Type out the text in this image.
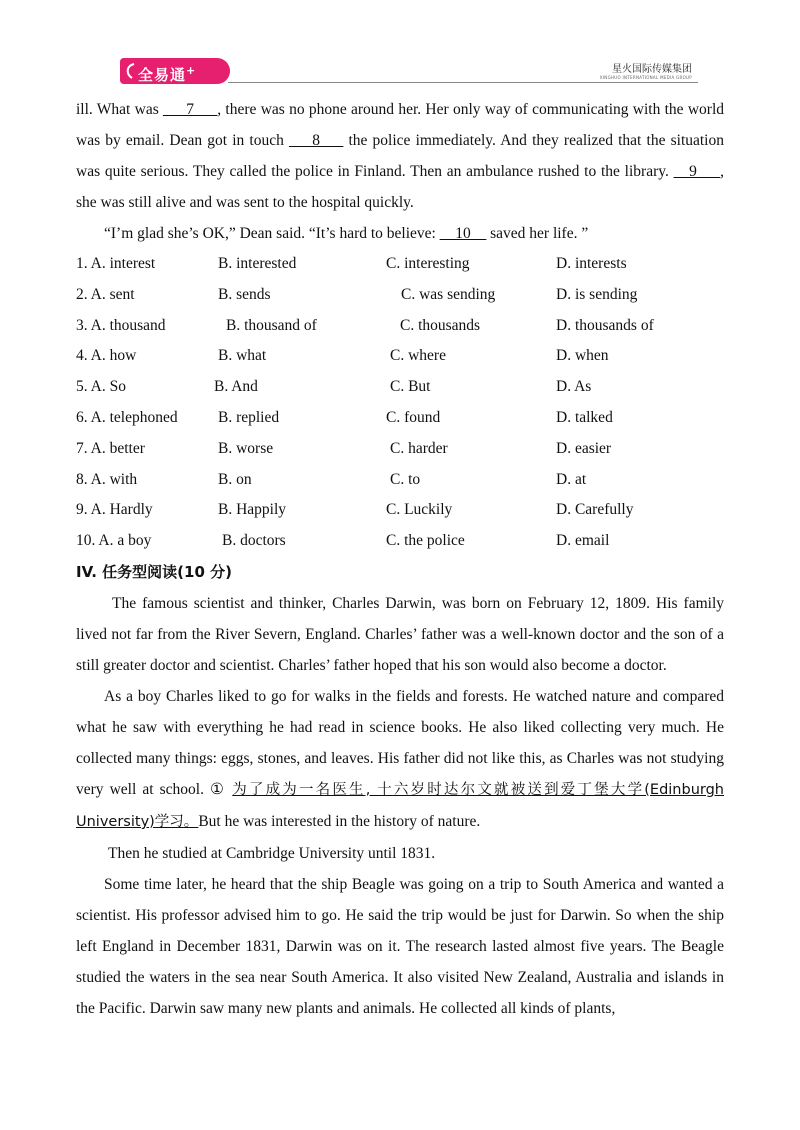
全易通+	星火国际传媒集团
XINGHUO INTERNATIONAL MEDIA GROUP

ill. What was ___7___, there was no phone around her. Her only way of communicating with the world was by email. Dean got in touch ___8___ the police immediately. And they realized that the situation was quite serious. They called the police in Finland. Then an ambulance rushed to the library. __9___, she was still alive and was sent to the hospital quickly.

“I’m glad she’s OK,” Dean said. “It’s hard to believe: __10__ saved her life. ”

1. A. interest	B. interested	C. interesting	D. interests
2. A. sent	B. sends	C. was sending	D. is sending
3. A. thousand	B. thousand of	C. thousands	D. thousands of
4. A. how	B. what	C. where	D. when
5. A. So	B. And	C. But	D. As
6. A. telephoned	B. replied	C. found	D. talked
7. A. better	B. worse	C. harder	D. easier
8. A. with	B. on	C. to	D. at
9. A. Hardly	B. Happily	C. Luckily	D. Carefully
10. A. a boy	B. doctors	C. the police	D. email

IV. 任务型阅读(10 分)

The famous scientist and thinker, Charles Darwin, was born on February 12, 1809. His family lived not far from the River Severn, England. Charles’ father was a well-known doctor and the son of a still greater doctor and scientist. Charles’ father hoped that his son would also become a doctor.

As a boy Charles liked to go for walks in the fields and forests. He watched nature and compared what he saw with everything he had read in science books. He also liked collecting very much. He collected many things: eggs, stones, and leaves. His father did not like this, as Charles was not studying very well at school. ① 为了成为一名医生, 十六岁时达尔文就被送到爱丁堡大学(Edinburgh University)学习。But he was interested in the history of nature.

Then he studied at Cambridge University until 1831.

Some time later, he heard that the ship Beagle was going on a trip to South America and wanted a scientist. His professor advised him to go. He said the trip would be just for Darwin. So when the ship left England in December 1831, Darwin was on it. The research lasted almost five years. The Beagle studied the waters in the sea near South America. It also visited New Zealand, Australia and islands in the Pacific. Darwin saw many new plants and animals. He collected all kinds of plants,
